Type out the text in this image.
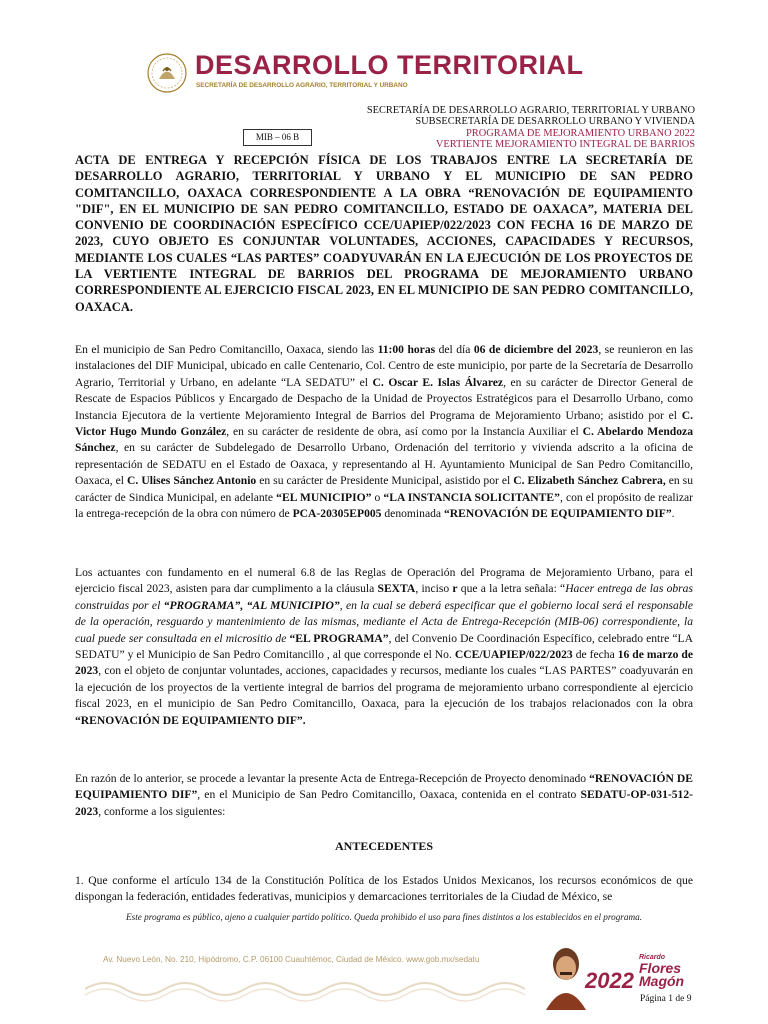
DESARROLLO TERRITORIAL
SECRETARÍA DE DESARROLLO AGRARIO, TERRITORIAL Y URBANO
SECRETARÍA DE DESARROLLO AGRARIO, TERRITORIAL Y URBANO
SUBSECRETARÍA DE DESARROLLO URBANO Y VIVIENDA
PROGRAMA DE MEJORAMIENTO URBANO 2022
VERTIENTE MEJORAMIENTO INTEGRAL DE BARRIOS
MIB – 06 B
ACTA DE ENTREGA Y RECEPCIÓN FÍSICA DE LOS TRABAJOS ENTRE LA SECRETARÍA DE DESARROLLO AGRARIO, TERRITORIAL Y URBANO Y EL MUNICIPIO DE SAN PEDRO COMITANCILLO, OAXACA CORRESPONDIENTE A LA OBRA “RENOVACIÓN DE EQUIPAMIENTO "DIF", EN EL MUNICIPIO DE SAN PEDRO COMITANCILLO, ESTADO DE OAXACA”, MATERIA DEL CONVENIO DE COORDINACIÓN ESPECÍFICO CCE/UAPIEP/022/2023 CON FECHA 16 DE MARZO DE 2023, CUYO OBJETO ES CONJUNTAR VOLUNTADES, ACCIONES, CAPACIDADES Y RECURSOS, MEDIANTE LOS CUALES “LAS PARTES” COADYUVARÁN EN LA EJECUCIÓN DE LOS PROYECTOS DE LA VERTIENTE INTEGRAL DE BARRIOS DEL PROGRAMA DE MEJORAMIENTO URBANO CORRESPONDIENTE AL EJERCICIO FISCAL 2023, EN EL MUNICIPIO DE SAN PEDRO COMITANCILLO, OAXACA.
En el municipio de San Pedro Comitancillo, Oaxaca, siendo las 11:00 horas del día 06 de diciembre del 2023, se reunieron en las instalaciones del DIF Municipal, ubicado en calle Centenario, Col. Centro de este municipio, por parte de la Secretaría de Desarrollo Agrario, Territorial y Urbano, en adelante “LA SEDATU” el C. Oscar E. Islas Álvarez, en su carácter de Director General de Rescate de Espacios Públicos y Encargado de Despacho de la Unidad de Proyectos Estratégicos para el Desarrollo Urbano, como Instancia Ejecutora de la vertiente Mejoramiento Integral de Barrios del Programa de Mejoramiento Urbano; asistido por el C. Victor Hugo Mundo González, en su carácter de residente de obra, así como por la Instancia Auxiliar el C. Abelardo Mendoza Sánchez, en su carácter de Subdelegado de Desarrollo Urbano, Ordenación del territorio y vivienda adscrito a la oficina de representación de SEDATU en el Estado de Oaxaca, y representando al H. Ayuntamiento Municipal de San Pedro Comitancillo, Oaxaca, el C. Ulises Sánchez Antonio en su carácter de Presidente Municipal, asistido por el C. Elizabeth Sánchez Cabrera, en su carácter de Sindica Municipal, en adelante “EL MUNICIPIO” o “LA INSTANCIA SOLICITANTE”, con el propósito de realizar la entrega-recepción de la obra con número de PCA-20305EP005 denominada “RENOVACIÓN DE EQUIPAMIENTO DIF”.
Los actuantes con fundamento en el numeral 6.8 de las Reglas de Operación del Programa de Mejoramiento Urbano, para el ejercicio fiscal 2023, asisten para dar cumplimento a la cláusula SEXTA, inciso r que a la letra señala: “Hacer entrega de las obras construidas por el “PROGRAMA”, “AL MUNICIPIO”, en la cual se deberá especificar que el gobierno local será el responsable de la operación, resguardo y mantenimiento de las mismas, mediante el Acta de Entrega-Recepción (MIB-06) correspondiente, la cual puede ser consultada en el micrositio de “EL PROGRAMA”, del Convenio De Coordinación Específico, celebrado entre “LA SEDATU” y el Municipio de San Pedro Comitancillo , al que corresponde el No. CCE/UAPIEP/022/2023 de fecha 16 de marzo de 2023, con el objeto de conjuntar voluntades, acciones, capacidades y recursos, mediante los cuales “LAS PARTES” coadyuvarán en la ejecución de los proyectos de la vertiente integral de barrios del programa de mejoramiento urbano correspondiente al ejercicio fiscal 2023, en el municipio de San Pedro Comitancillo, Oaxaca, para la ejecución de los trabajos relacionados con la obra “RENOVACIÓN DE EQUIPAMIENTO DIF”.
En razón de lo anterior, se procede a levantar la presente Acta de Entrega-Recepción de Proyecto denominado “RENOVACIÓN DE EQUIPAMIENTO DIF”, en el Municipio de San Pedro Comitancillo, Oaxaca, contenida en el contrato SEDATU-OP-031-512-2023, conforme a los siguientes:
ANTECEDENTES
1. Que conforme el artículo 134 de la Constitución Política de los Estados Unidos Mexicanos, los recursos económicos de que dispongan la federación, entidades federativas, municipios y demarcaciones territoriales de la Ciudad de México, se
Este programa es público, ajeno a cualquier partido político. Queda prohibido el uso para fines distintos a los establecidos en el programa.
Av. Nuevo León, No. 210, Hipódromo, C.P. 06100 Cuauhtémoc, Ciudad de México. www.gob.mx/sedatu
2022
Ricardo
Flores
Magón
Página 1 de 9
